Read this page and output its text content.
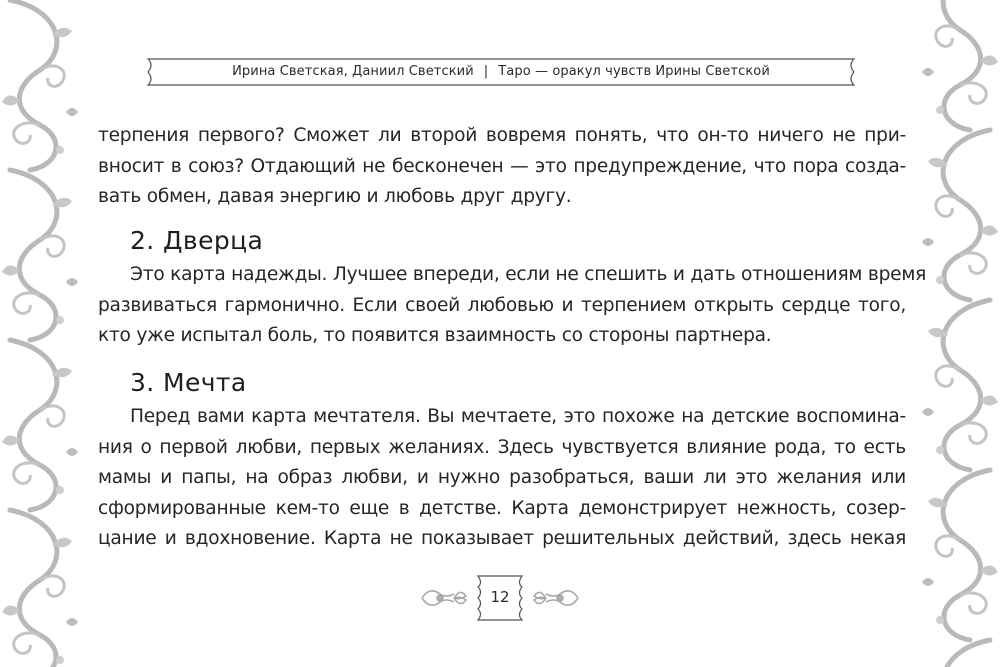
Ирина Светская, Даниил Светский | Таро — оракул чувств Ирины Светской
терпения первого? Сможет ли второй вовремя понять, что он-то ничего не при-
вносит в союз? Отдающий не бесконечен — это предупреждение, что пора созда-
вать обмен, давая энергию и любовь друг другу.
2. Дверца
Это карта надежды. Лучшее впереди, если не спешить и дать отношениям время
развиваться гармонично. Если своей любовью и терпением открыть сердце того,
кто уже испытал боль, то появится взаимность со стороны партнера.
3. Мечта
Перед вами карта мечтателя. Вы мечтаете, это похоже на детские воспомина-
ния о первой любви, первых желаниях. Здесь чувствуется влияние рода, то есть
мамы и папы, на образ любви, и нужно разобраться, ваши ли это желания или
сформированные кем-то еще в детстве. Карта демонстрирует нежность, созер-
цание и вдохновение. Карта не показывает решительных действий, здесь некая
12
